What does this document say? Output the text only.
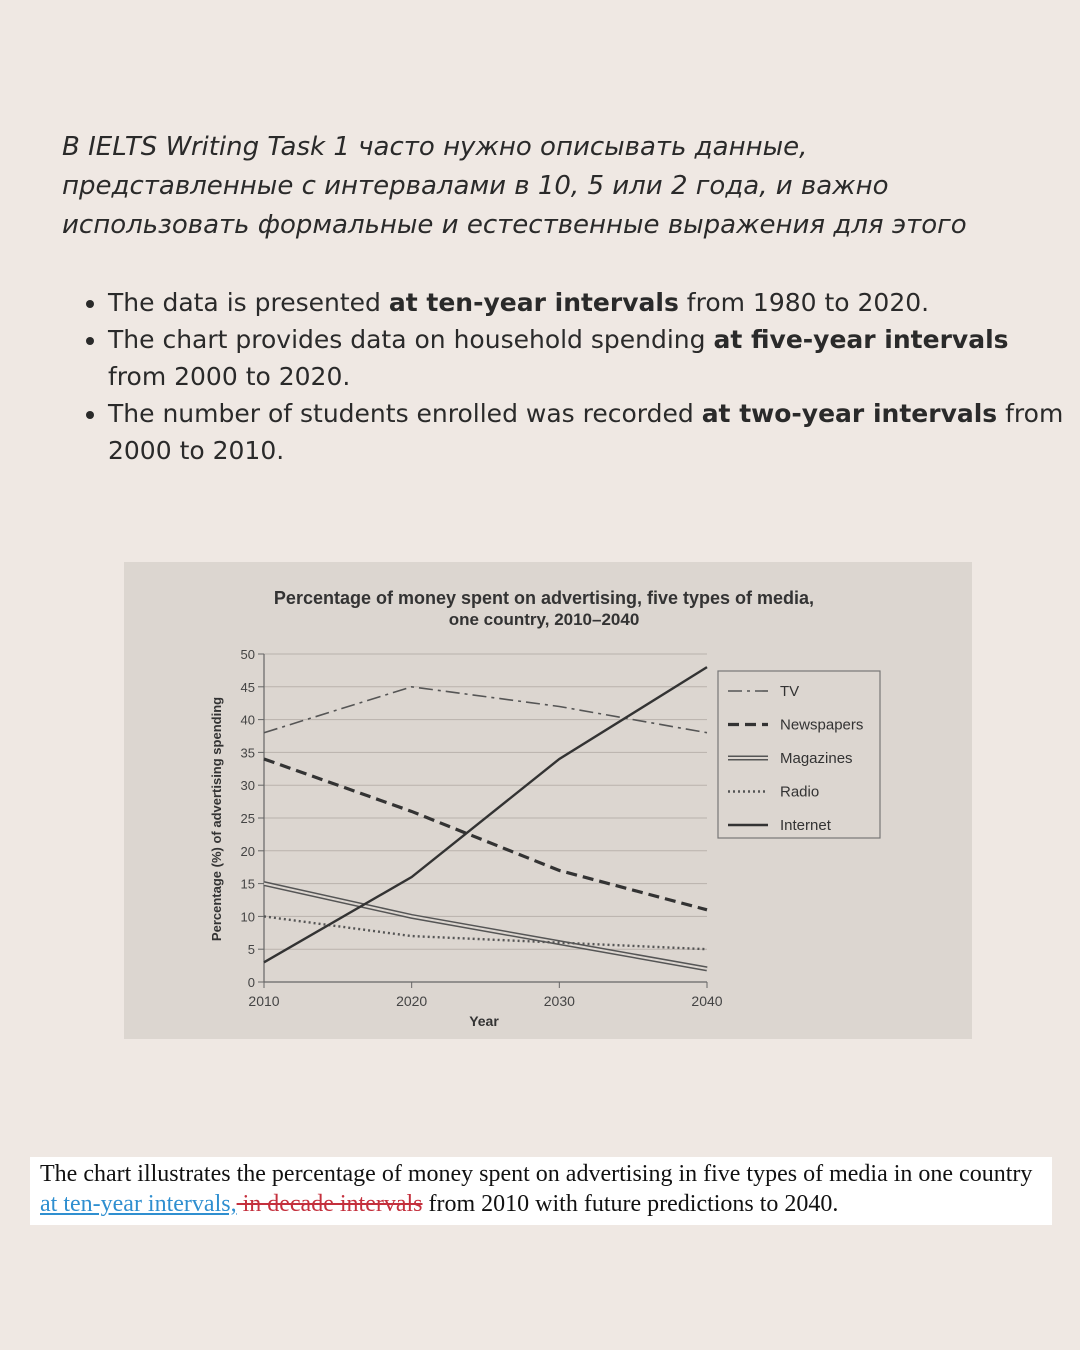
В IELTS Writing Task 1 часто нужно описывать данные, представленные с интервалами в 10, 5 или 2 года, и важно использовать формальные и естественные выражения для этого

• The data is presented at ten-year intervals from 1980 to 2020.
• The chart provides data on household spending at five-year intervals from 2000 to 2020.
• The number of students enrolled was recorded at two-year intervals from 2000 to 2010.
Percentage of money spent on advertising, five types of media,
one country, 2010–2040
Percentage (%) of advertising spending
Year
0
5
10
15
20
25
30
35
40
45
50
2010	2020	2030	2040
TV
Newspapers
Magazines
Radio
Internet
The chart illustrates the percentage of money spent on advertising in five types of media in one country at ten-year intervals, in decade intervals from 2010 with future predictions to 2040.
